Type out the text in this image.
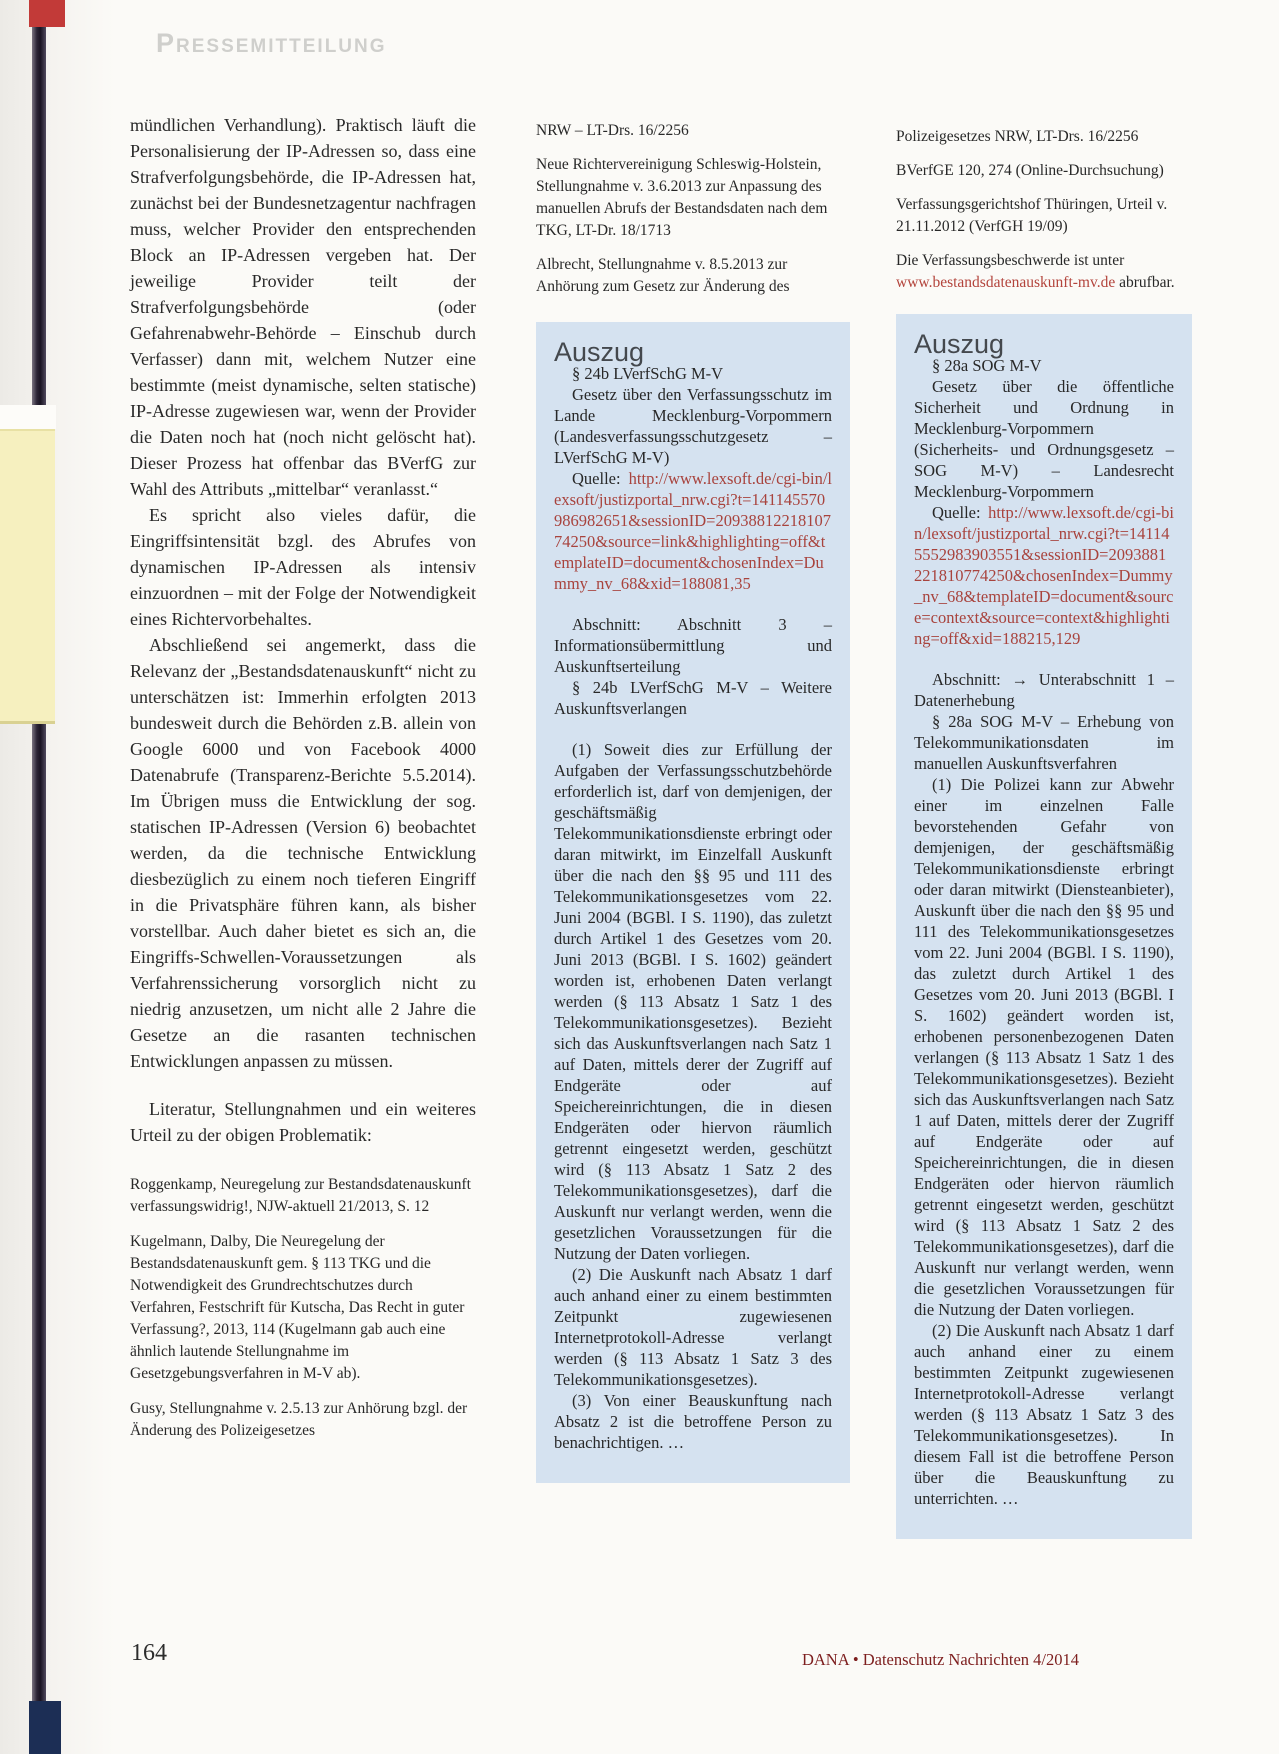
Pressemitteilung

mündlichen Verhandlung). Praktisch läuft die Personalisierung der IP-Adressen so, dass eine Strafverfolgungsbehörde, die IP-Adressen hat, zunächst bei der Bundesnetzagentur nachfragen muss, welcher Provider den entsprechenden Block an IP-Adressen vergeben hat. Der jeweilige Provider teilt der Strafverfolgungsbehörde (oder Gefahrenabwehr-Behörde – Einschub durch Verfasser) dann mit, welchem Nutzer eine bestimmte (meist dynamische, selten statische) IP-Adresse zugewiesen war, wenn der Provider die Daten noch hat (noch nicht gelöscht hat). Dieser Prozess hat offenbar das BVerfG zur Wahl des Attributs „mittelbar“ veranlasst.“

Es spricht also vieles dafür, die Eingriffsintensität bzgl. des Abrufes von dynamischen IP-Adressen als intensiv einzuordnen – mit der Folge der Notwendigkeit eines Richtervorbehaltes.

Abschließend sei angemerkt, dass die Relevanz der „Bestandsdatenauskunft“ nicht zu unterschätzen ist: Immerhin erfolgten 2013 bundesweit durch die Behörden z.B. allein von Google 6000 und von Facebook 4000 Datenabrufe (Transparenz-Berichte 5.5.2014). Im Übrigen muss die Entwicklung der sog. statischen IP-Adressen (Version 6) beobachtet werden, da die technische Entwicklung diesbezüglich zu einem noch tieferen Eingriff in die Privatsphäre führen kann, als bisher vorstellbar. Auch daher bietet es sich an, die Eingriffs-Schwellen-Voraussetzungen als Verfahrenssicherung vorsorglich nicht zu niedrig anzusetzen, um nicht alle 2 Jahre die Gesetze an die rasanten technischen Entwicklungen anpassen zu müssen.

Literatur, Stellungnahmen und ein weiteres Urteil zu der obigen Problematik:

Roggenkamp, Neuregelung zur Bestandsdatenauskunft verfassungswidrig!, NJW-aktuell 21/2013, S. 12

Kugelmann, Dalby, Die Neuregelung der Bestandsdatenauskunft gem. § 113 TKG und die Notwendigkeit des Grundrechtschutzes durch Verfahren, Festschrift für Kutscha, Das Recht in guter Verfassung?, 2013, 114 (Kugelmann gab auch eine ähnlich lautende Stellungnahme im Gesetzgebungsverfahren in M-V ab).

Gusy, Stellungnahme v. 2.5.13 zur Anhörung bzgl. der Änderung des Polizeigesetzes

NRW – LT-Drs. 16/2256

Neue Richtervereinigung Schleswig-Holstein, Stellungnahme v. 3.6.2013 zur Anpassung des manuellen Abrufs der Bestandsdaten nach dem TKG, LT-Dr. 18/1713

Albrecht, Stellungnahme v. 8.5.2013 zur Anhörung zum Gesetz zur Änderung des

Auszug

§ 24b LVerfSchG M-V

Gesetz über den Verfassungsschutz im Lande Mecklenburg-Vorpommern (Landesverfassungsschutzgesetz – LVerfSchG M-V)

Quelle: http://www.lexsoft.de/cgi-bin/lexsoft/justizportal_nrw.cgi?t=141145570986982651&sessionID=2093881221810774250&source=link&highlighting=off&templateID=document&chosenIndex=Dummy_nv_68&xid=188081,35

Abschnitt: Abschnitt 3 – Informationsübermittlung und Auskunftserteilung

§ 24b LVerfSchG M-V – Weitere Auskunftsverlangen

(1) Soweit dies zur Erfüllung der Aufgaben der Verfassungsschutzbehörde erforderlich ist, darf von demjenigen, der geschäftsmäßig Telekommunikationsdienste erbringt oder daran mitwirkt, im Einzelfall Auskunft über die nach den §§ 95 und 111 des Telekommunikationsgesetzes vom 22. Juni 2004 (BGBl. I S. 1190), das zuletzt durch Artikel 1 des Gesetzes vom 20. Juni 2013 (BGBl. I S. 1602) geändert worden ist, erhobenen Daten verlangt werden (§ 113 Absatz 1 Satz 1 des Telekommunikationsgesetzes). Bezieht sich das Auskunftsverlangen nach Satz 1 auf Daten, mittels derer der Zugriff auf Endgeräte oder auf Speichereinrichtungen, die in diesen Endgeräten oder hiervon räumlich getrennt eingesetzt werden, geschützt wird (§ 113 Absatz 1 Satz 2 des Telekommunikationsgesetzes), darf die Auskunft nur verlangt werden, wenn die gesetzlichen Voraussetzungen für die Nutzung der Daten vorliegen.

(2) Die Auskunft nach Absatz 1 darf auch anhand einer zu einem bestimmten Zeitpunkt zugewiesenen Internetprotokoll-Adresse verlangt werden (§ 113 Absatz 1 Satz 3 des Telekommunikationsgesetzes).

(3) Von einer Beauskunftung nach Absatz 2 ist die betroffene Person zu benachrichtigen. …

Polizeigesetzes NRW, LT-Drs. 16/2256

BVerfGE 120, 274 (Online-Durchsuchung)

Verfassungsgerichtshof Thüringen, Urteil v. 21.11.2012 (VerfGH 19/09)

Die Verfassungsbeschwerde ist unter www.bestandsdatenauskunft-mv.de abrufbar.

Auszug

§ 28a SOG M-V

Gesetz über die öffentliche Sicherheit und Ordnung in Mecklenburg-Vorpommern (Sicherheits- und Ordnungsgesetz – SOG M-V) – Landesrecht Mecklenburg-Vorpommern

Quelle: http://www.lexsoft.de/cgi-bin/lexsoft/justizportal_nrw.cgi?t=141145552983903551&sessionID=2093881221810774250&chosenIndex=Dummy_nv_68&templateID=document&source=context&source=context&highlighting=off&xid=188215,129

Abschnitt: → Unterabschnitt 1 – Datenerhebung

§ 28a SOG M-V – Erhebung von Telekommunikationsdaten im manuellen Auskunftsverfahren

(1) Die Polizei kann zur Abwehr einer im einzelnen Falle bevorstehenden Gefahr von demjenigen, der geschäftsmäßig Telekommunikationsdienste erbringt oder daran mitwirkt (Diensteanbieter), Auskunft über die nach den §§ 95 und 111 des Telekommunikationsgesetzes vom 22. Juni 2004 (BGBl. I S. 1190), das zuletzt durch Artikel 1 des Gesetzes vom 20. Juni 2013 (BGBl. I S. 1602) geändert worden ist, erhobenen personenbezogenen Daten verlangen (§ 113 Absatz 1 Satz 1 des Telekommunikationsgesetzes). Bezieht sich das Auskunftsverlangen nach Satz 1 auf Daten, mittels derer der Zugriff auf Endgeräte oder auf Speichereinrichtungen, die in diesen Endgeräten oder hiervon räumlich getrennt eingesetzt werden, geschützt wird (§ 113 Absatz 1 Satz 2 des Telekommunikationsgesetzes), darf die Auskunft nur verlangt werden, wenn die gesetzlichen Voraussetzungen für die Nutzung der Daten vorliegen.

(2) Die Auskunft nach Absatz 1 darf auch anhand einer zu einem bestimmten Zeitpunkt zugewiesenen Internetprotokoll-Adresse verlangt werden (§ 113 Absatz 1 Satz 3 des Telekommunikationsgesetzes). In diesem Fall ist die betroffene Person über die Beauskunftung zu unterrichten. …

164	DANA • Datenschutz Nachrichten 4/2014
